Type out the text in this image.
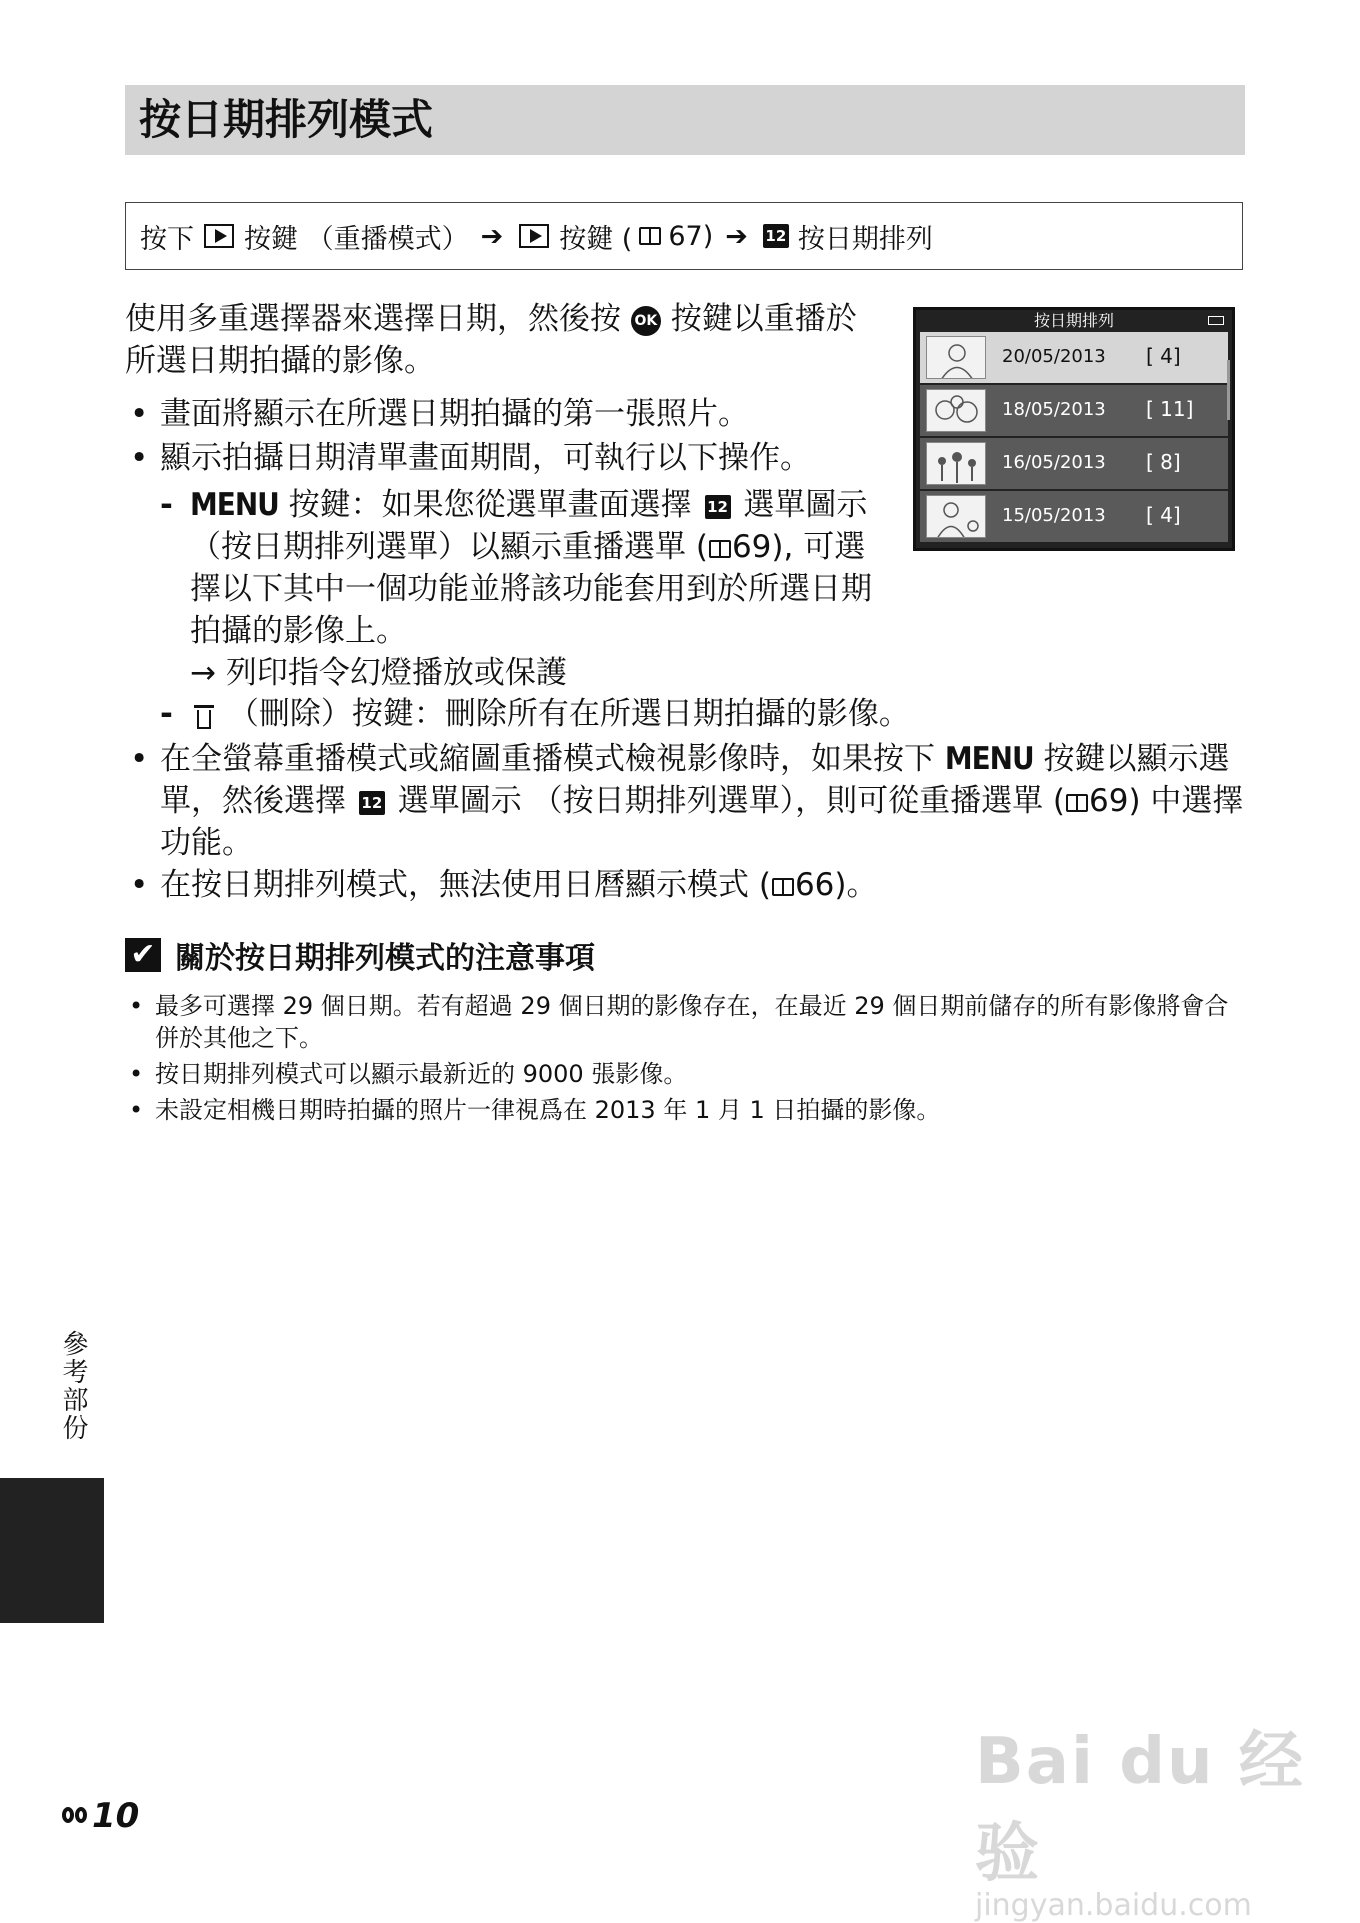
按日期排列模式
按下 按鍵 （重播模式） ➔ 按鍵 ( 67) ➔ 12 按日期排列
使用多重選擇器來選擇日期，然後按 OK 按鍵以重播於所選日期拍攝的影像。
• 畫面將顯示在所選日期拍攝的第一張照片。
• 顯示拍攝日期清單畫面期間，可執行以下操作。
- MENU 按鍵：如果您從選單畫面選擇 12 選單圖示（按日期排列選單）以顯示重播選單 ( 69), 可選擇以下其中一個功能並將該功能套用到於所選日期拍攝的影像上。
→ 列印指令幻燈播放或保護
- （刪除）按鍵：刪除所有在所選日期拍攝的影像。
• 在全螢幕重播模式或縮圖重播模式檢視影像時，如果按下 MENU 按鍵以顯示選單，然後選擇 12 選單圖示 （按日期排列選單），則可從重播選單 ( 69) 中選擇功能。
• 在按日期排列模式，無法使用日曆顯示模式 ( 66)。
按日期排列
20/05/2013 [ 4]
18/05/2013 [ 11]
16/05/2013 [ 8]
15/05/2013 [ 4]
✔ 關於按日期排列模式的注意事項
• 最多可選擇 29 個日期。若有超過 29 個日期的影像存在，在最近 29 個日期前儲存的所有影像將會合併於其他之下。
• 按日期排列模式可以顯示最新近的 9000 張影像。
• 未設定相機日期時拍攝的照片一律視爲在 2013 年 1 月 1 日拍攝的影像。
參考部份
10
Bai du 经验
jingyan.baidu.com
